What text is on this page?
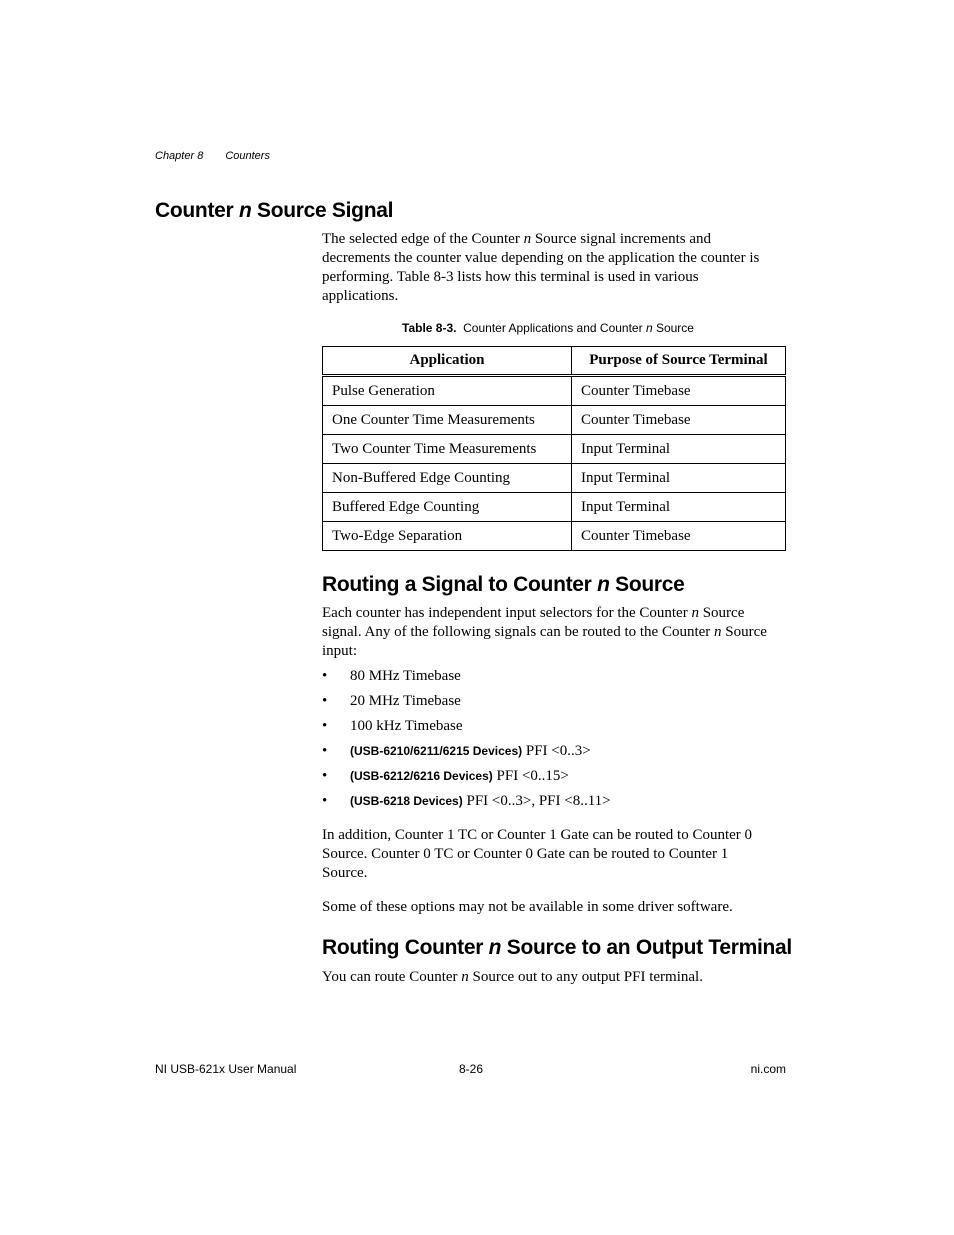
Chapter 8 Counters
Counter n Source Signal

The selected edge of the Counter n Source signal increments and decrements the counter value depending on the application the counter is performing. Table 8-3 lists how this terminal is used in various applications.

Table 8-3. Counter Applications and Counter n Source
Application	Purpose of Source Terminal
Pulse Generation	Counter Timebase
One Counter Time Measurements	Counter Timebase
Two Counter Time Measurements	Input Terminal
Non-Buffered Edge Counting	Input Terminal
Buffered Edge Counting	Input Terminal
Two-Edge Separation	Counter Timebase
Routing a Signal to Counter n Source

Each counter has independent input selectors for the Counter n Source signal. Any of the following signals can be routed to the Counter n Source input:

• 80 MHz Timebase
• 20 MHz Timebase
• 100 kHz Timebase
• (USB-6210/6211/6215 Devices) PFI <0..3>
• (USB-6212/6216 Devices) PFI <0..15>
• (USB-6218 Devices) PFI <0..3>, PFI <8..11>

In addition, Counter 1 TC or Counter 1 Gate can be routed to Counter 0 Source. Counter 0 TC or Counter 0 Gate can be routed to Counter 1 Source.

Some of these options may not be available in some driver software.

Routing Counter n Source to an Output Terminal

You can route Counter n Source out to any output PFI terminal.

NI USB-621x User Manual	8-26	ni.com
